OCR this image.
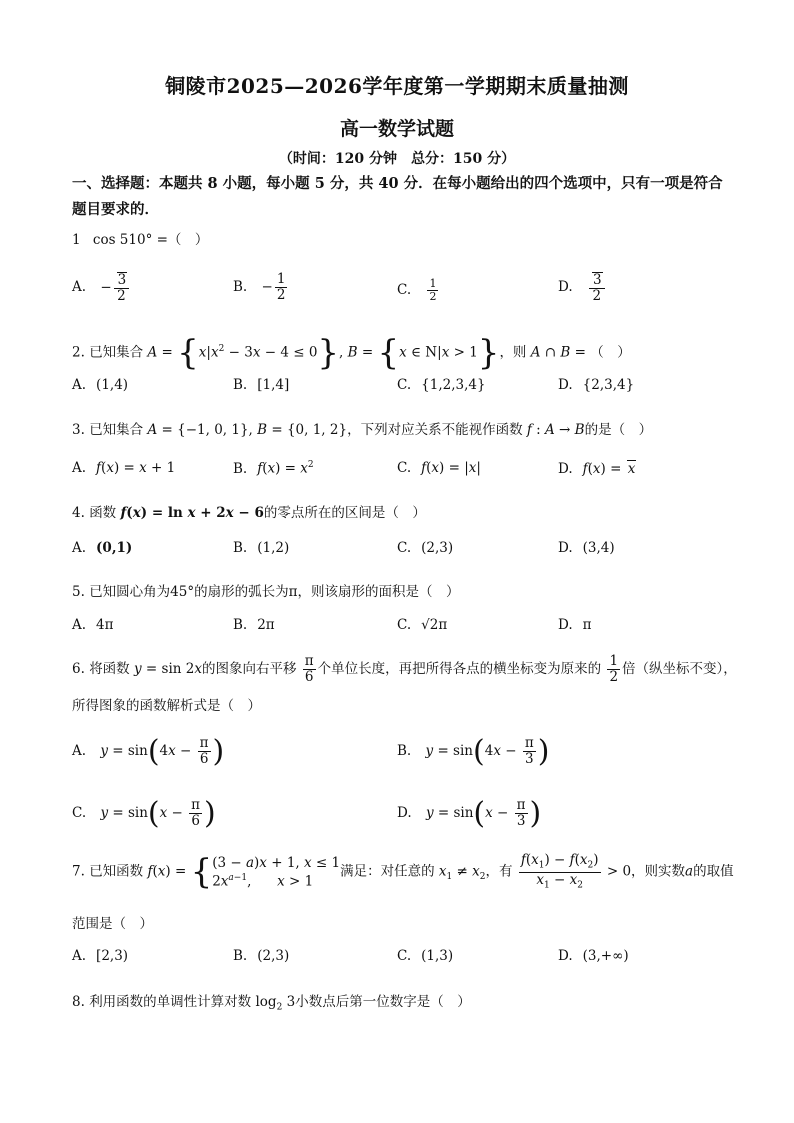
铜陵市2025—2026学年度第一学期期末质量抽测
高一数学试题
（时间：120 分钟　总分：150 分）
一、选择题：本题共 8 小题，每小题 5 分，共 40 分．在每小题给出的四个选项中，只有一项是符合题目要求的．
1 cos 510° =（　）
A. − $\frac{3}{2}$	B. − $\frac{1}{2}$	C. $\frac{1}{2}$	D. $\frac{3}{2}$
2. 已知集合 $A = \{x|x^2 - 3x - 4 \le 0\}$, B = {x ∈ N|x > 1}，则 A ∩ B = （　）
A. (1,4)	B. [1,4]	C. {1,2,3,4}	D. {2,3,4}
3. 已知集合 A = {−1, 0, 1}, B = {0, 1, 2}，下列对应关系不能视作函数 f : A → B的是（　）
A. f(x) = x + 1	B. $f(x) = x^2$	C. f(x) = |x|	D. f(x) = x
4. 函数 f(x) = ln x + 2x − 6的零点所在的区间是（　）
A. (0,1)	B. (1,2)	C. (2,3)	D. (3,4)
5. 已知圆心角为45°的扇形的弧长为π，则该扇形的面积是（　）
A. 4π	B. 2π	C. √2π	D. π
6. 将函数 y = sin 2x的图象向右平移 $\frac{\pi}{6}$ 个单位长度，再把所得各点的横坐标变为原来的 $\frac{1}{2}$ 倍（纵坐标不变），
所得图象的函数解析式是（　）
A. $y = \sin(4x - \frac{\pi}{6}$ )	B. $y = \sin(4x - \frac{\pi}{3}$ )
C. $y = \sin(x - \frac{\pi}{6}$ )	D. $y = \sin(x - \frac{\pi}{3}$ )
7. 已知函数 f(x) = { (3 − a)x + 1, x ≤ 1
$2x^{a-1}$,      x > 1
满足：对任意的 $x_1 \ne x_2$，有 $\frac{f(x_1) - f(x_2)}{x_1 - x_2} > 0$，则实数a的取值
范围是（　）
A. [2,3)	B. (2,3)	C. (1,3)	D. (3,+∞)
8. 利用函数的单调性计算对数 $\log_2 3$小数点后第一位数字是（　）
